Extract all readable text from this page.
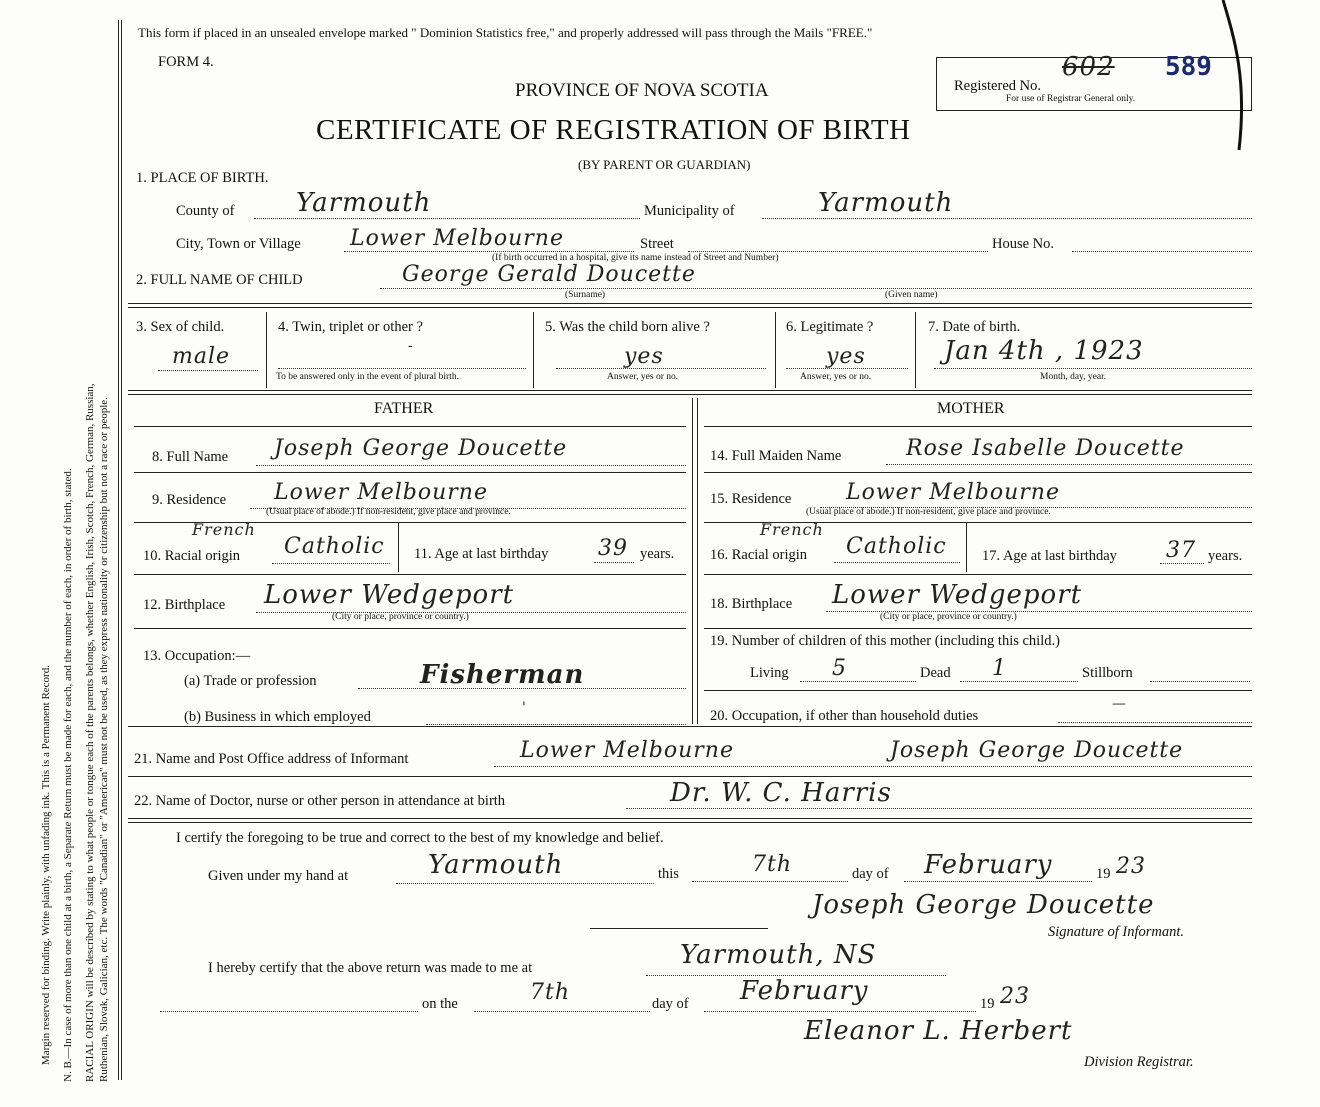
Margin reserved for binding. Write plainly, with unfading ink. This is a Permanent Record. N. B.—In case of more than one child at a birth, a Separate Return must be made for each, and the number of each, in order of birth, stated. RACIAL ORIGIN will be described by stating to what people or tongue each of the parents belongs, whether English, Irish, Scotch, French, German, Russian, Ruthenian, Slovak, Galician, etc. The words "Canadian" or "American" must not be used, as they express nationality or citizenship but not a race or people.
This form if placed in an unsealed envelope marked " Dominion Statistics free," and properly addressed will pass through the Mails "FREE."
FORM 4.
PROVINCE OF NOVA SCOTIA
CERTIFICATE OF REGISTRATION OF BIRTH
(BY PARENT OR GUARDIAN)
Registered No.
602 589
For use of Registrar General only.
1. PLACE OF BIRTH.
County of Yarmouth	Municipality of	Yarmouth
City, Town or Village Lower Melbourne	Street	House No.
(If birth occurred in a hospital, give its name instead of Street and Number)
2. FULL NAME OF CHILD	George Gerald Doucette
(Surname)	(Given name)
3. Sex of child.
male
4. Twin, triplet or other ?
-
To be answered only in the event of plural birth.
5. Was the child born alive ?
yes
Answer, yes or no.
6. Legitimate ?
yes
Answer, yes or no.
7. Date of birth.
Jan 4th , 1923
Month, day, year.
FATHER
8. Full Name Joseph George Doucette
9. Residence Lower Melbourne
(Usual place of abode.) If non-resident, give place and province.
French
10. Racial origin Catholic 11. Age at last birthday 39 years.
12. Birthplace Lower Wedgeport
(City or place, province or country.)
13. Occupation:—
(a) Trade or profession	Fisherman
(b) Business in which employed
'
MOTHER
14. Full Maiden Name	Rose Isabelle Doucette
15. Residence Lower Melbourne
(Usual place of abode.) If non-resident, give place and province.
French
16. Racial origin Catholic 17. Age at last birthday 37 years.
18. Birthplace Lower Wedgeport
(City or place, province or country.)
19. Number of children of this mother (including this child.)
Living 5	Dead 1	Stillborn
20. Occupation, if other than household duties
—
21. Name and Post Office address of Informant	Lower Melbourne	Joseph George Doucette
22. Name of Doctor, nurse or other person in attendance at birth	Dr. W. C. Harris
I certify the foregoing to be true and correct to the best of my knowledge and belief.
Given under my hand at	Yarmouth	this	7th	day of February	19 23
Joseph George Doucette
Signature of Informant.
I hereby certify that the above return was made to me at	Yarmouth, NS
on the	7th	day of February	19 23
Eleanor L. Herbert
Division Registrar.
